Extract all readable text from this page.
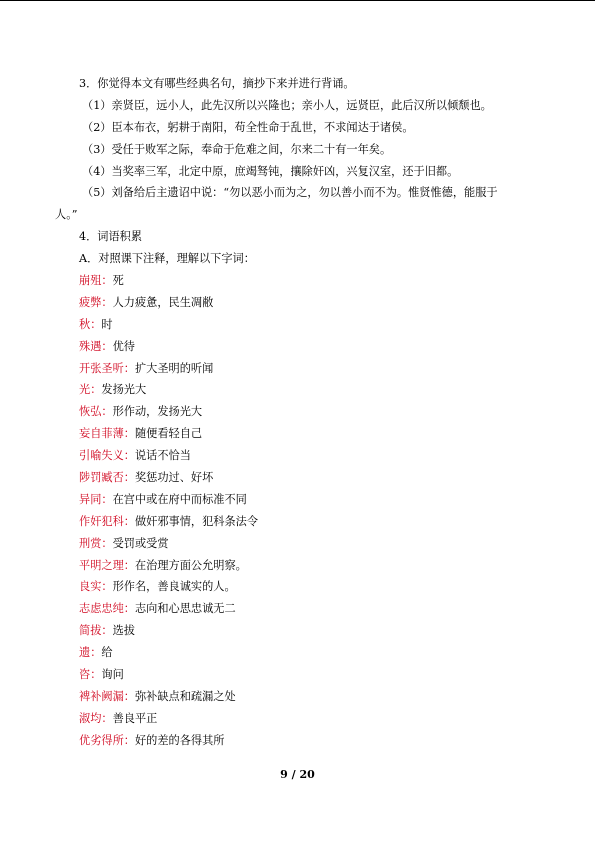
3．你觉得本文有哪些经典名句，摘抄下来并进行背诵。
（1）亲贤臣，远小人，此先汉所以兴隆也；亲小人，远贤臣，此后汉所以倾颓也。
（2）臣本布衣，躬耕于南阳，苟全性命于乱世，不求闻达于诸侯。
（3）受任于败军之际，奉命于危难之间，尔来二十有一年矣。
（4）当奖率三军，北定中原，庶竭驽钝，攘除奸凶，兴复汉室，还于旧都。
（5）刘备给后主遗诏中说：“勿以恶小而为之，勿以善小而不为。惟贤惟德，能服于
人。”
4．词语积累
A．对照课下注释，理解以下字词：
崩殂：死
疲弊：人力疲惫，民生凋敝
秋：时
殊遇：优待
开张圣听：扩大圣明的听闻
光：发扬光大
恢弘：形作动，发扬光大
妄自菲薄：随便看轻自己
引喻失义：说话不恰当
陟罚臧否：奖惩功过、好坏
异同：在宫中或在府中而标准不同
作奸犯科：做奸邪事情，犯科条法令
刑赏：受罚或受赏
平明之理：在治理方面公允明察。
良实：形作名，善良诚实的人。
志虑忠纯：志向和心思忠诚无二
简拔：选拔
遗：给
咨：询问
裨补阙漏：弥补缺点和疏漏之处
淑均：善良平正
优劣得所：好的差的各得其所
9 / 20
